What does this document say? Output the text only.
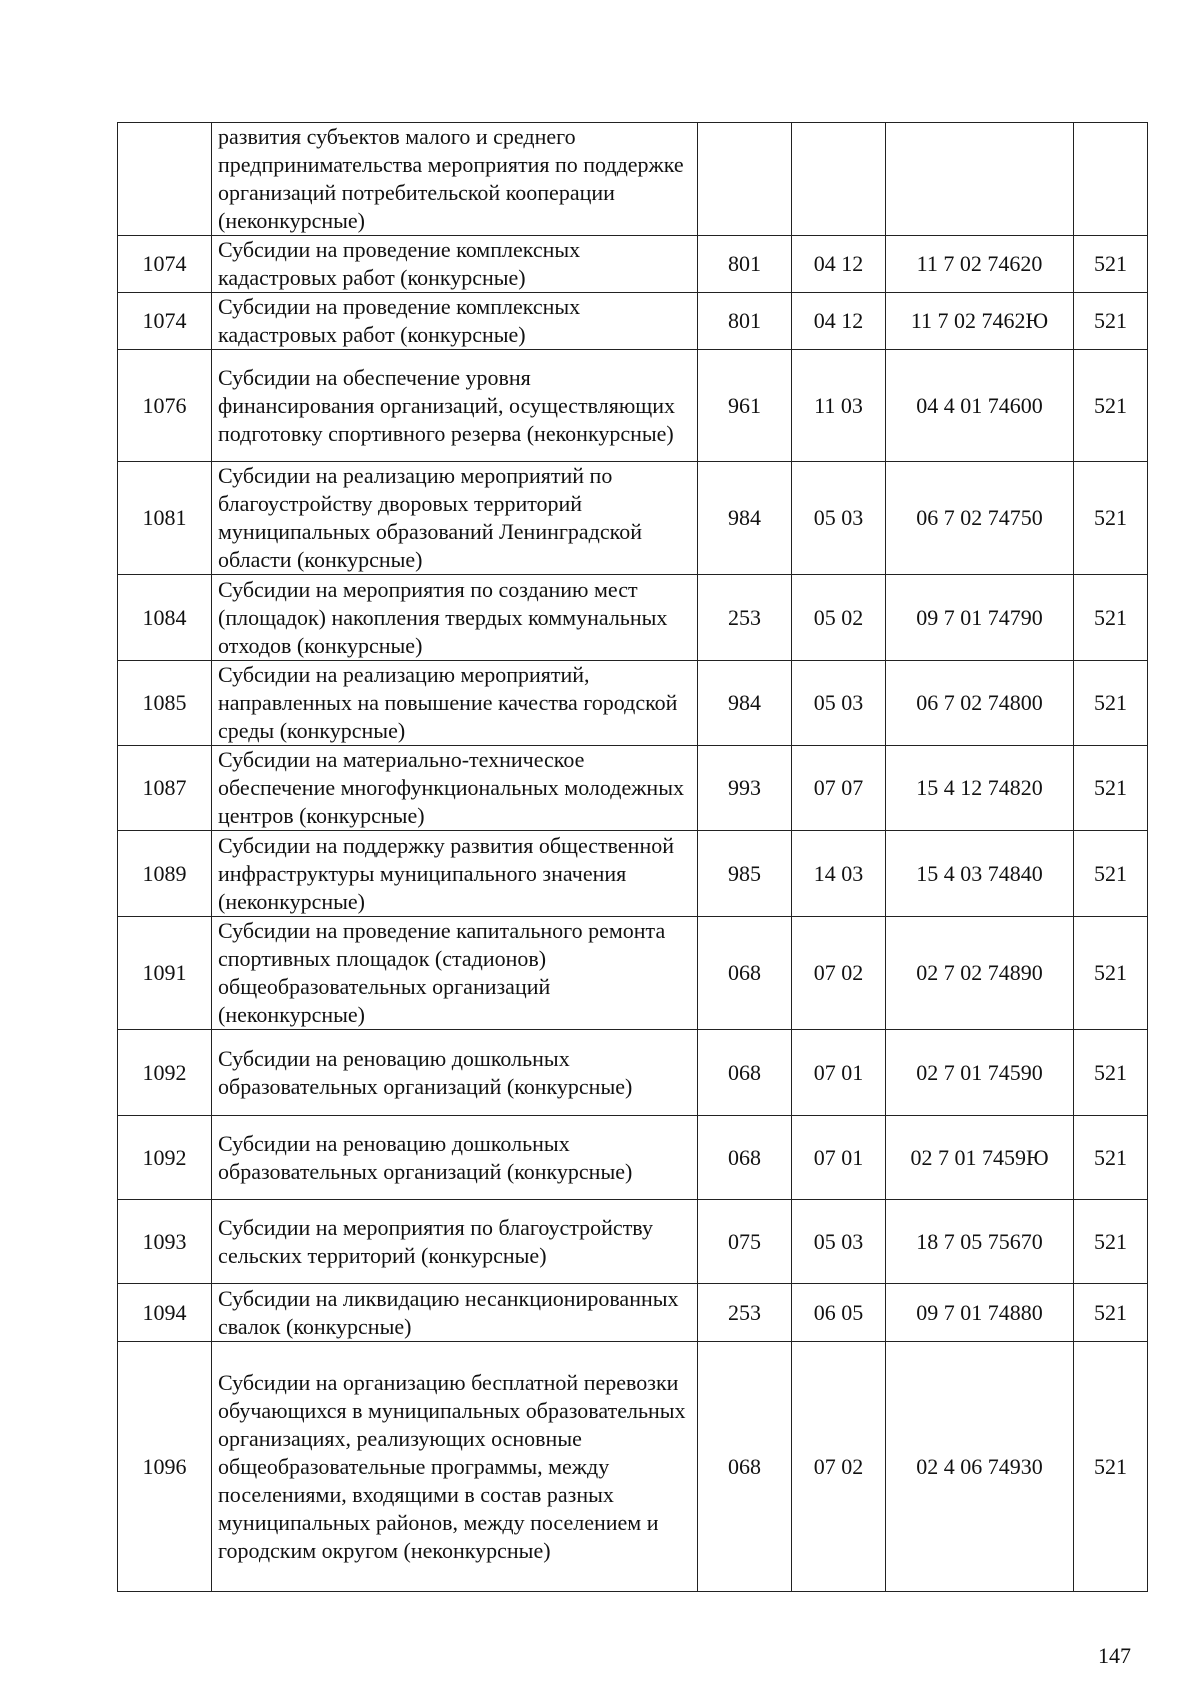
	развития субъектов малого и среднего предпринимательства мероприятия по поддержке организаций потребительской кооперации (неконкурсные)				
1074	Субсидии на проведение комплексных кадастровых работ (конкурсные)	801	04 12	11 7 02 74620	521
1074	Субсидии на проведение комплексных кадастровых работ (конкурсные)	801	04 12	11 7 02 7462Ю	521
1076	Субсидии на обеспечение уровня финансирования организаций, осуществляющих подготовку спортивного резерва (неконкурсные)	961	11 03	04 4 01 74600	521
1081	Субсидии на реализацию мероприятий по благоустройству дворовых территорий муниципальных образований Ленинградской области (конкурсные)	984	05 03	06 7 02 74750	521
1084	Субсидии на мероприятия по созданию мест (площадок) накопления твердых коммунальных отходов (конкурсные)	253	05 02	09 7 01 74790	521
1085	Субсидии на реализацию мероприятий, направленных на повышение качества городской среды (конкурсные)	984	05 03	06 7 02 74800	521
1087	Субсидии на материально-техническое обеспечение многофункциональных молодежных центров (конкурсные)	993	07 07	15 4 12 74820	521
1089	Субсидии на поддержку развития общественной инфраструктуры муниципального значения (неконкурсные)	985	14 03	15 4 03 74840	521
1091	Субсидии на проведение капитального ремонта спортивных площадок (стадионов) общеобразовательных организаций (неконкурсные)	068	07 02	02 7 02 74890	521
1092	Субсидии на реновацию дошкольных образовательных организаций (конкурсные)	068	07 01	02 7 01 74590	521
1092	Субсидии на реновацию дошкольных образовательных организаций (конкурсные)	068	07 01	02 7 01 7459Ю	521
1093	Субсидии на мероприятия по благоустройству сельских территорий (конкурсные)	075	05 03	18 7 05 75670	521
1094	Субсидии на ликвидацию несанкционированных свалок (конкурсные)	253	06 05	09 7 01 74880	521
1096	Субсидии на организацию бесплатной перевозки обучающихся в муниципальных образовательных организациях, реализующих основные общеобразовательные программы, между поселениями, входящими в состав разных муниципальных районов, между поселением и городским округом (неконкурсные)	068	07 02	02 4 06 74930	521
147
